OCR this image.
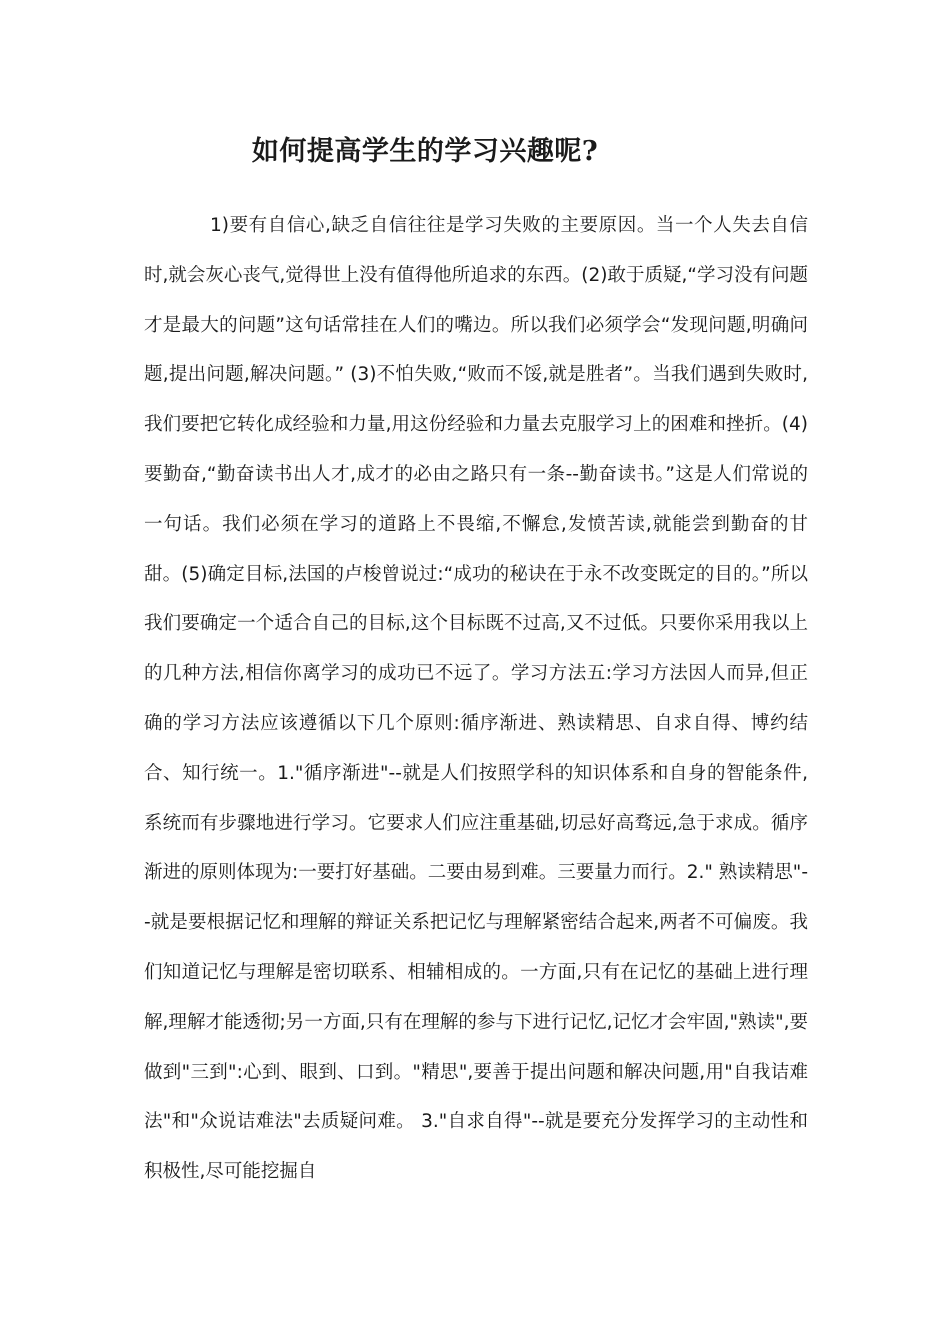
如何提高学生的学习兴趣呢?
1)要有自信心,缺乏自信往往是学习失败的主要原因。当一个人失去自信时,就会灰心丧气,觉得世上没有值得他所追求的东西。(2)敢于质疑,“学习没有问题才是最大的问题”这句话常挂在人们的嘴边。所以我们必须学会“发现问题,明确问题,提出问题,解决问题。” (3)不怕失败,“败而不馁,就是胜者”。当我们遇到失败时,我们要把它转化成经验和力量,用这份经验和力量去克服学习上的困难和挫折。(4)要勤奋,“勤奋读书出人才,成才的必由之路只有一条--勤奋读书。”这是人们常说的一句话。我们必须在学习的道路上不畏缩,不懈怠,发愤苦读,就能尝到勤奋的甘甜。(5)确定目标,法国的卢梭曾说过:“成功的秘诀在于永不改变既定的目的。”所以我们要确定一个适合自己的目标,这个目标既不过高,又不过低。只要你采用我以上的几种方法,相信你离学习的成功已不远了。学习方法五:学习方法因人而异,但正确的学习方法应该遵循以下几个原则:循序渐进、熟读精思、自求自得、博约结合、知行统一。1."循序渐进"--就是人们按照学科的知识体系和自身的智能条件,系统而有步骤地进行学习。它要求人们应注重基础,切忌好高骛远,急于求成。循序渐进的原则体现为:一要打好基础。二要由易到难。三要量力而行。2." 熟读精思"--就是要根据记忆和理解的辩证关系把记忆与理解紧密结合起来,两者不可偏废。我们知道记忆与理解是密切联系、相辅相成的。一方面,只有在记忆的基础上进行理解,理解才能透彻;另一方面,只有在理解的参与下进行记忆,记忆才会牢固,"熟读",要做到"三到":心到、眼到、口到。"精思",要善于提出问题和解决问题,用"自我诘难法"和"众说诘难法"去质疑问难。 3."自求自得"--就是要充分发挥学习的主动性和积极性,尽可能挖掘自
